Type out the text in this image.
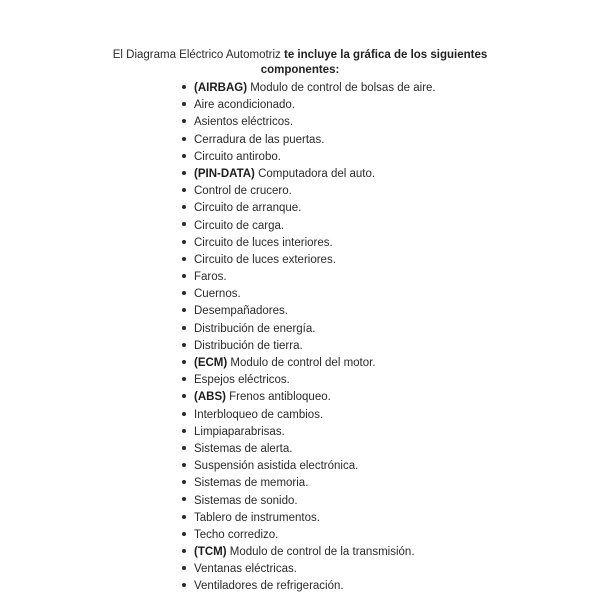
El Diagrama Eléctrico Automotriz te incluye la gráfica de los siguientes componentes:

(AIRBAG) Modulo de control de bolsas de aire.
Aire acondicionado.
Asientos eléctricos.
Cerradura de las puertas.
Circuito antirobo.
(PIN-DATA) Computadora del auto.
Control de crucero.
Circuito de arranque.
Circuito de carga.
Circuito de luces interiores.
Circuito de luces exteriores.
Faros.
Cuernos.
Desempañadores.
Distribución de energía.
Distribución de tierra.
(ECM) Modulo de control del motor.
Espejos eléctricos.
(ABS) Frenos antibloqueo.
Interbloqueo de cambios.
Limpiaparabrisas.
Sistemas de alerta.
Suspensión asistida electrónica.
Sistemas de memoria.
Sistemas de sonido.
Tablero de instrumentos.
Techo corredizo.
(TCM) Modulo de control de la transmisión.
Ventanas eléctricas.
Ventiladores de refrigeración.
